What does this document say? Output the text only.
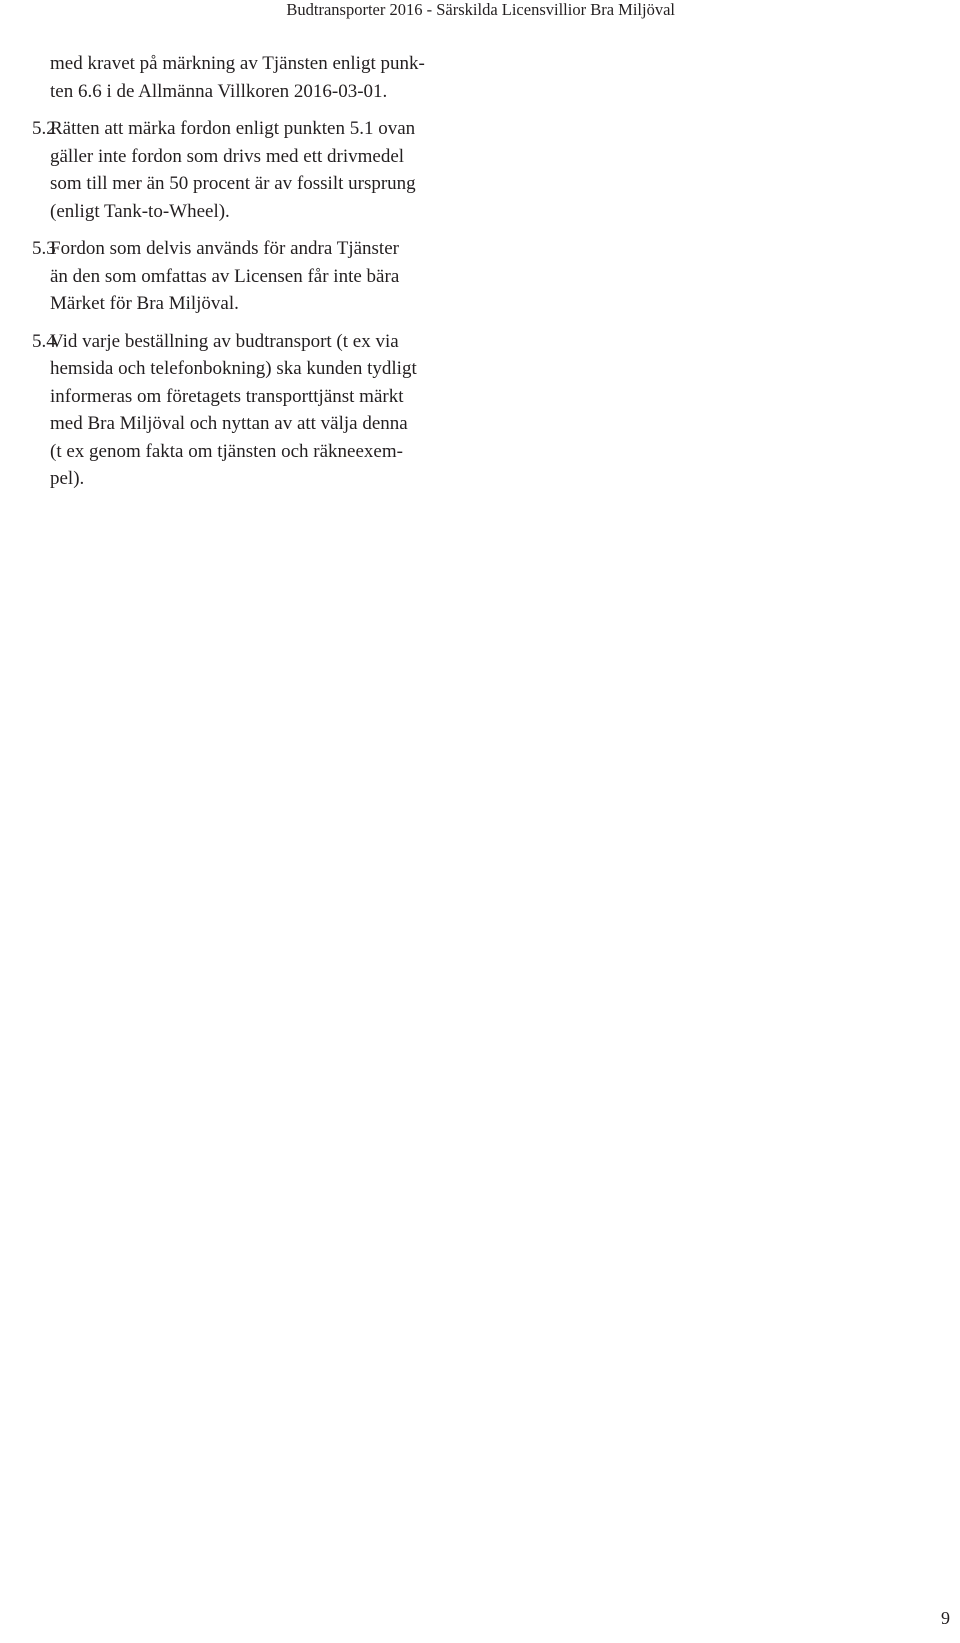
Budtransporter 2016 - Särskilda Licensvillior Bra Miljöval

med kravet på märkning av Tjänsten enligt punk-
ten 6.6 i de Allmänna Villkoren 2016-03-01.

5.2
Rätten att märka fordon enligt punkten 5.1 ovan
gäller inte fordon som drivs med ett drivmedel
som till mer än 50 procent är av fossilt ursprung
(enligt Tank-to-Wheel).
5.3
Fordon som delvis används för andra Tjänster
än den som omfattas av Licensen får inte bära
Märket för Bra Miljöval.
5.4
Vid varje beställning av budtransport (t ex via
hemsida och telefonbokning) ska kunden tydligt
informeras om företagets transporttjänst märkt
med Bra Miljöval och nyttan av att välja denna
(t ex genom fakta om tjänsten och räkneexem-
pel).
9
